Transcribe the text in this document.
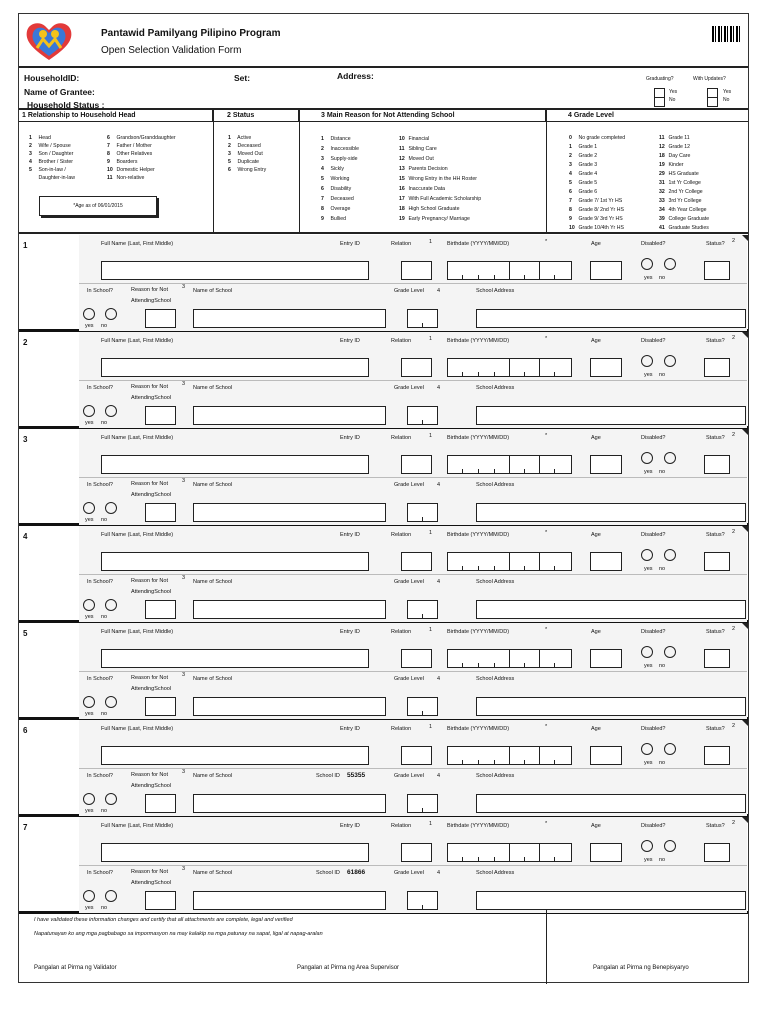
Pantawid Pamilyang Pilipino Program
Open Selection Validation Form
HouseholdID:	Set:	Address:
Name of Grantee:
Household Status :
Graduating?	With Updates?
Yes
No
Yes
No
1 Relationship to Household Head	2 Status	3 Main Reason for Not Attending School	4 Grade Level
1 Head
2 Wife / Spouse
3 Son / Daughter
4 Brother / Sister
5 Son-in-law /
Daughter-in-law
6 Grandson/Granddaughter
7 Father / Mother
8 Other Relatives
9 Boarders
10 Domestic Helper
11 Non-relative
*Age as of 06/01/2015
1 Active
2 Deceased
3 Moved Out
5 Duplicate
6 Wrong Entry
1 Distance
2 Inaccessible
3 Supply-side
4 Sickly
5 Working
6 Disability
7 Deceased
8 Overage
9 Bullied
10 Financial
11 Sibling Care
12 Moved Out
13 Parents Decision
15 Wrong Entry in the HH Roster
16 Inaccurate Data
17 With Full Academic Scholarship
18 High School Graduate
19 Early Pregnancy/ Marriage
0 No grade completed
1 Grade 1
2 Grade 2
3 Grade 3
4 Grade 4
5 Grade 5
6 Grade 6
7 Grade 7/ 1st Yr HS
8 Grade 8/ 2nd Yr HS
9 Grade 9/ 3rd Yr HS
10 Grade 10/4th Yr HS
11 Grade 11
12 Grade 12
18 Day Care
19 Kinder
29 HS Graduate
31 1st Yr College
32 2nd Yr College
33 3rd Yr College
34 4th Year College
39 College Graduate
41 Graduate Studies
1	Full Name (Last, First Middle)	Entry ID	Relation	1	Birthdate (YYYY/MM/DD)	*	Age	Disabled?	Status? 2
In School?	Reason for Not
AttendingSchool
3
Name of School	Grade Level 4	School Address
yes no
yes no
2	Full Name (Last, First Middle)	Entry ID	Relation	1	Birthdate (YYYY/MM/DD)	*	Age	Disabled?	Status? 2
In School?	Reason for Not
AttendingSchool
3
Name of School	Grade Level 4	School Address
yes no
yes no
3	Full Name (Last, First Middle)	Entry ID	Relation	1	Birthdate (YYYY/MM/DD)	*	Age	Disabled?	Status? 2
In School?	Reason for Not
AttendingSchool
3
Name of School	Grade Level 4	School Address
yes no
yes no
4	Full Name (Last, First Middle)	Entry ID	Relation	1	Birthdate (YYYY/MM/DD)	*	Age	Disabled?	Status? 2
In School?	Reason for Not
AttendingSchool
3
Name of School	Grade Level 4	School Address
yes no
yes no
5	Full Name (Last, First Middle)	Entry ID	Relation	1	Birthdate (YYYY/MM/DD)	*	Age	Disabled?	Status? 2
In School?	Reason for Not
AttendingSchool
3
Name of School	Grade Level 4	School Address
yes no
yes no
6	Full Name (Last, First Middle)	Entry ID	Relation	1	Birthdate (YYYY/MM/DD)	*	Age	Disabled?	Status? 2
In School?	Reason for Not
AttendingSchool
3
Name of School	Grade Level 4	School Address
yes no
yes no
School ID 55355
7	Full Name (Last, First Middle)	Entry ID	Relation	1	Birthdate (YYYY/MM/DD)	*	Age	Disabled?	Status? 2
In School?	Reason for Not
AttendingSchool
3
Name of School	Grade Level 4	School Address
yes no
yes no
School ID 61866
I have validated these information changes and certify that all attachments are complete, legal and verified
Napatunayan ko ang mga pagbabago sa impormasyon na may kalakip na mga patunay na sapat, ligal at napag-aralan
Pangalan at Pirma ng Validator	Pangalan at Pirma ng Area Supervisor	Pangalan at Pirma ng Benepisyaryo
